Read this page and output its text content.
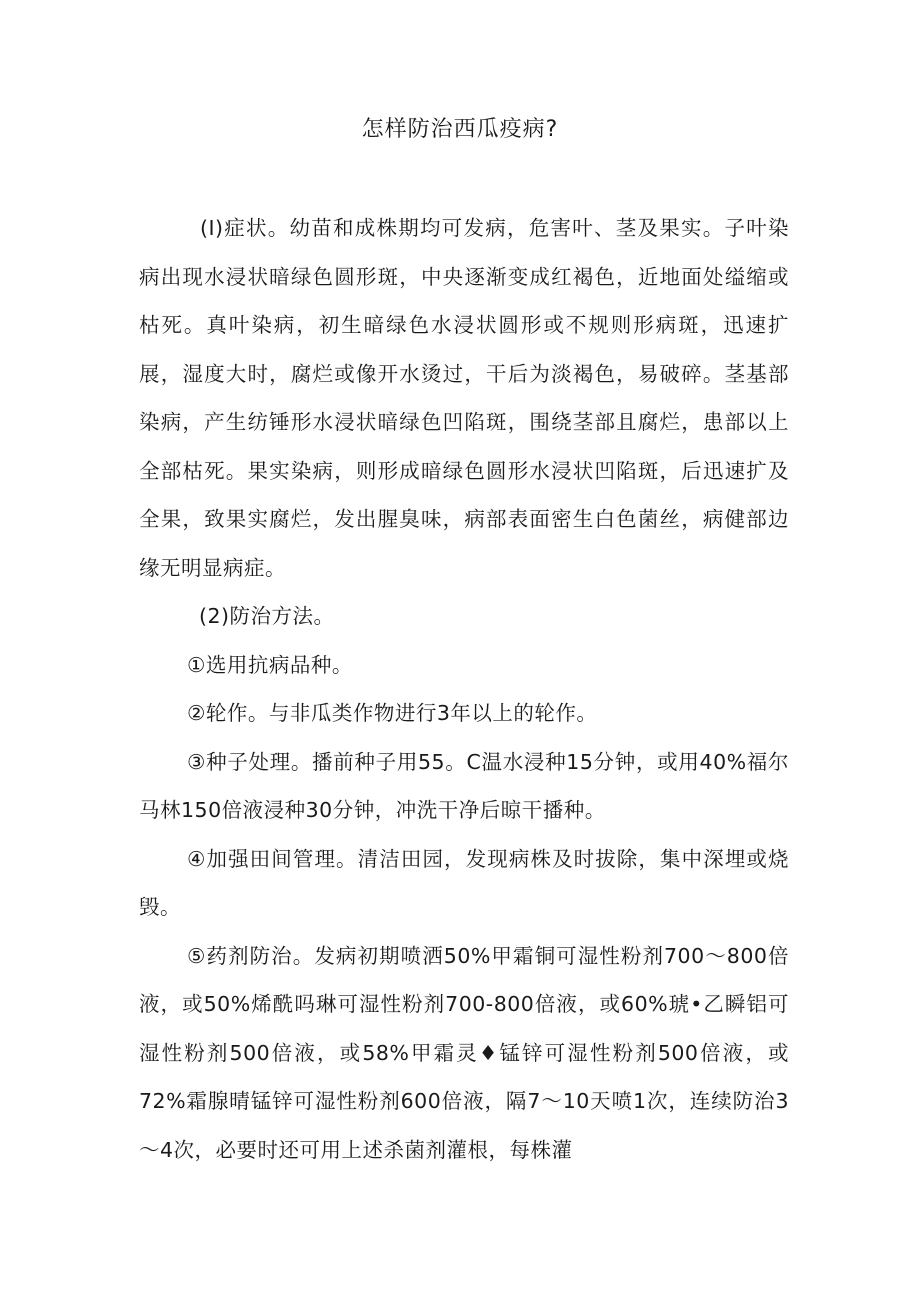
怎样防治西瓜疫病?

(I)症状。幼苗和成株期均可发病，危害叶、茎及果实。子叶染病出现水浸状暗绿色圆形斑，中央逐渐变成红褐色，近地面处缢缩或枯死。真叶染病，初生暗绿色水浸状圆形或不规则形病斑，迅速扩展，湿度大时，腐烂或像开水烫过，干后为淡褐色，易破碎。茎基部染病，产生纺锤形水浸状暗绿色凹陷斑，围绕茎部且腐烂，患部以上全部枯死。果实染病，则形成暗绿色圆形水浸状凹陷斑，后迅速扩及全果，致果实腐烂，发出腥臭味，病部表面密生白色菌丝，病健部边缘无明显病症。

(2)防治方法。

①选用抗病品种。

②轮作。与非瓜类作物进行3年以上的轮作。

③种子处理。播前种子用55。C温水浸种15分钟，或用40%福尔马林150倍液浸种30分钟，冲洗干净后晾干播种。

④加强田间管理。清洁田园，发现病株及时拔除，集中深埋或烧毁。

⑤药剂防治。发病初期喷洒50%甲霜铜可湿性粉剂700～800倍液，或50%烯酰吗琳可湿性粉剂700-800倍液，或60%琥•乙瞬铝可湿性粉剂500倍液，或58%甲霜灵♦锰锌可湿性粉剂500倍液，或72%霜腺晴锰锌可湿性粉剂600倍液，隔7～10天喷1次，连续防治3～4次，必要时还可用上述杀菌剂灌根，每株灌
